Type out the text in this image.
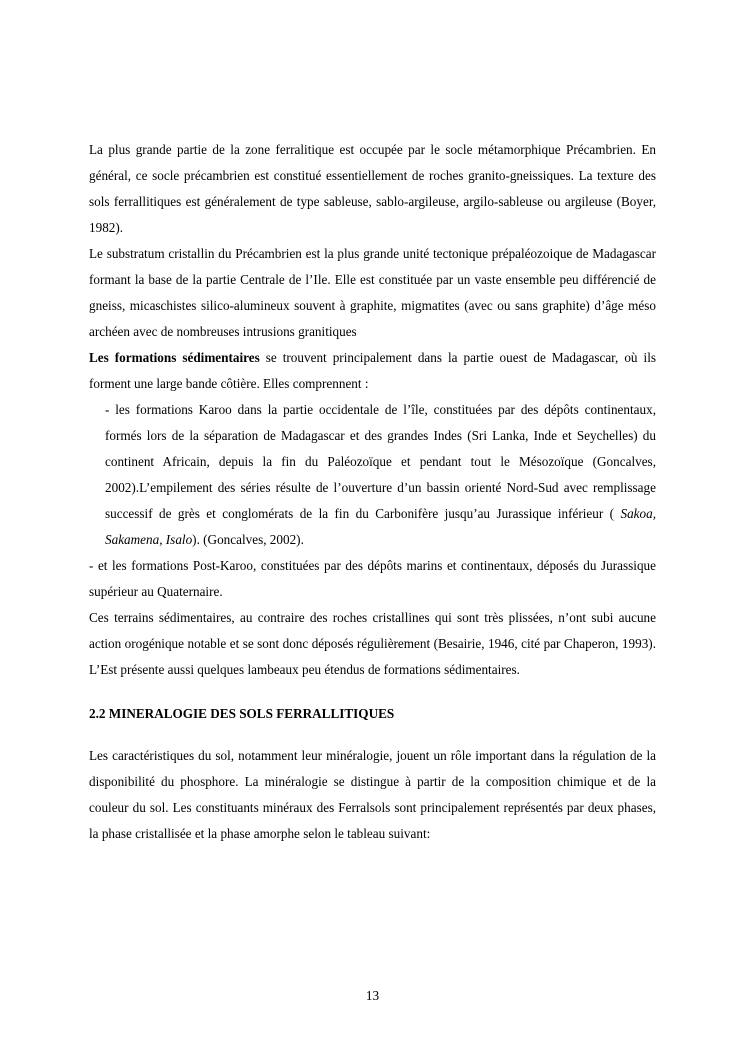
La plus grande partie de la zone ferralitique est occupée par le socle métamorphique Précambrien. En général, ce socle précambrien est constitué essentiellement de roches granito-gneissiques. La texture des sols ferrallitiques est généralement de type sableuse, sablo-argileuse, argilo-sableuse ou argileuse (Boyer, 1982).

Le substratum cristallin du Précambrien est la plus grande unité tectonique prépaléozoique de Madagascar formant la base de la partie Centrale de l’Ile. Elle est constituée par un vaste ensemble peu différencié de gneiss, micaschistes silico-alumineux souvent à graphite, migmatites (avec ou sans graphite) d’âge méso archéen avec de nombreuses intrusions granitiques

Les formations sédimentaires se trouvent principalement dans la partie ouest de Madagascar, où ils forment une large bande côtière. Elles comprennent :

- les formations Karoo dans la partie occidentale de l’île, constituées par des dépôts continentaux, formés lors de la séparation de Madagascar et des grandes Indes (Sri Lanka, Inde et Seychelles) du continent Africain, depuis la fin du Paléozoïque et pendant tout le Mésozoïque (Goncalves, 2002).L’empilement des séries résulte de l’ouverture d’un bassin orienté Nord-Sud avec remplissage successif de grès et conglomérats de la fin du Carbonifère jusqu’au Jurassique inférieur ( Sakoa, Sakamena, Isalo). (Goncalves, 2002).

- et les formations Post-Karoo, constituées par des dépôts marins et continentaux, déposés du Jurassique supérieur au Quaternaire.

Ces terrains sédimentaires, au contraire des roches cristallines qui sont très plissées, n’ont subi aucune action orogénique notable et se sont donc déposés régulièrement (Besairie, 1946, cité par Chaperon, 1993). L’Est présente aussi quelques lambeaux peu étendus de formations sédimentaires.

2.2 MINERALOGIE DES SOLS FERRALLITIQUES

Les caractéristiques du sol, notamment leur minéralogie, jouent un rôle important dans la régulation de la disponibilité du phosphore. La minéralogie se distingue à partir de la composition chimique et de la couleur du sol. Les constituants minéraux des Ferralsols sont principalement représentés par deux phases, la phase cristallisée et la phase amorphe selon le tableau suivant:

13
